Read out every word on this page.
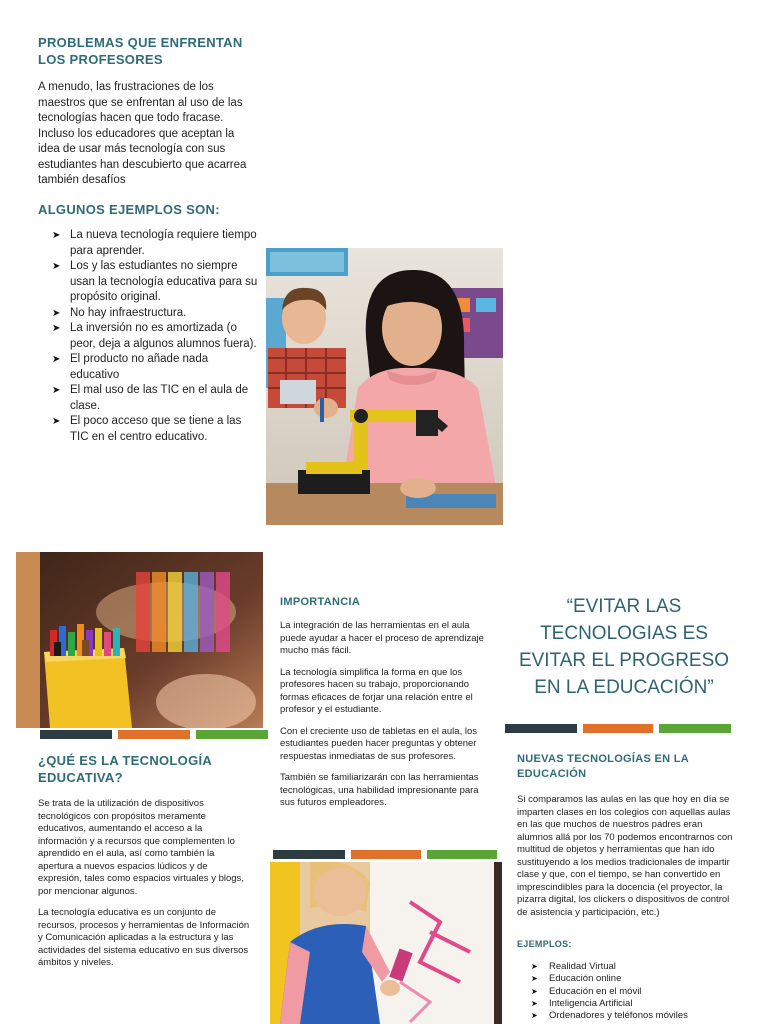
PROBLEMAS QUE ENFRENTAN LOS PROFESORES
A menudo, las frustraciones de los maestros que se enfrentan al uso de las tecnologías hacen que todo fracase. Incluso los educadores que aceptan la idea de usar más tecnología con sus estudiantes han descubierto que acarrea también desafíos
ALGUNOS EJEMPLOS SON:
➤ La nueva tecnología requiere tiempo para aprender.
➤ Los y las estudiantes no siempre usan la tecnología educativa para su propósito original.
➤ No hay infraestructura.
➤ La inversión no es amortizada (o peor, deja a algunos alumnos fuera).
➤ El producto no añade nada educativo
➤ El mal uso de las TIC en el aula de clase.
➤ El poco acceso que se tiene a las TIC en el centro educativo.
¿QUÉ ES LA TECNOLOGÍA EDUCATIVA?

Se trata de la utilización de dispositivos tecnológicos con propósitos meramente educativos, aumentando el acceso a la información y a recursos que complementen lo aprendido en el aula, así como también la apertura a nuevos espacios lúdicos y de expresión, tales como espacios virtuales y blogs, por mencionar algunos.

La tecnología educativa es un conjunto de recursos, procesos y herramientas de Información y Comunicación aplicadas a la estructura y las actividades del sistema educativo en sus diversos ámbitos y niveles.

IMPORTANCIA

La integración de las herramientas en el aula puede ayudar a hacer el proceso de aprendizaje mucho más fácil.

La tecnología simplifica la forma en que los profesores hacen su trabajo, proporcionando formas eficaces de forjar una relación entre el profesor y el estudiante.

Con el creciente uso de tabletas en el aula, los estudiantes pueden hacer preguntas y obtener respuestas inmediatas de sus profesores.

También se familiarizarán con las herramientas tecnológicas, una habilidad impresionante para sus futuros empleadores.

“EVITAR LAS TECNOLOGIAS ES EVITAR EL PROGRESO EN LA EDUCACIÓN”
NUEVAS TECNOLOGÍAS EN LA EDUCACIÓN
Si comparamos las aulas en las que hoy en día se imparten clases en los colegios con aquellas aulas en las que muchos de nuestros padres eran alumnos allá por los 70 podemos encontrarnos con multitud de objetos y herramientas que han ido sustituyendo a los medios tradicionales de impartir clase y que, con el tiempo, se han convertido en imprescindibles para la docencia (el proyector, la pizarra digital, los clickers o dispositivos de control de asistencia y participación, etc.)
EJEMPLOS:
➤ Realidad Virtual
➤ Educación online
➤ Educación en el móvil
➤ Inteligencia Artificial
➤ Ordenadores y teléfonos móviles
